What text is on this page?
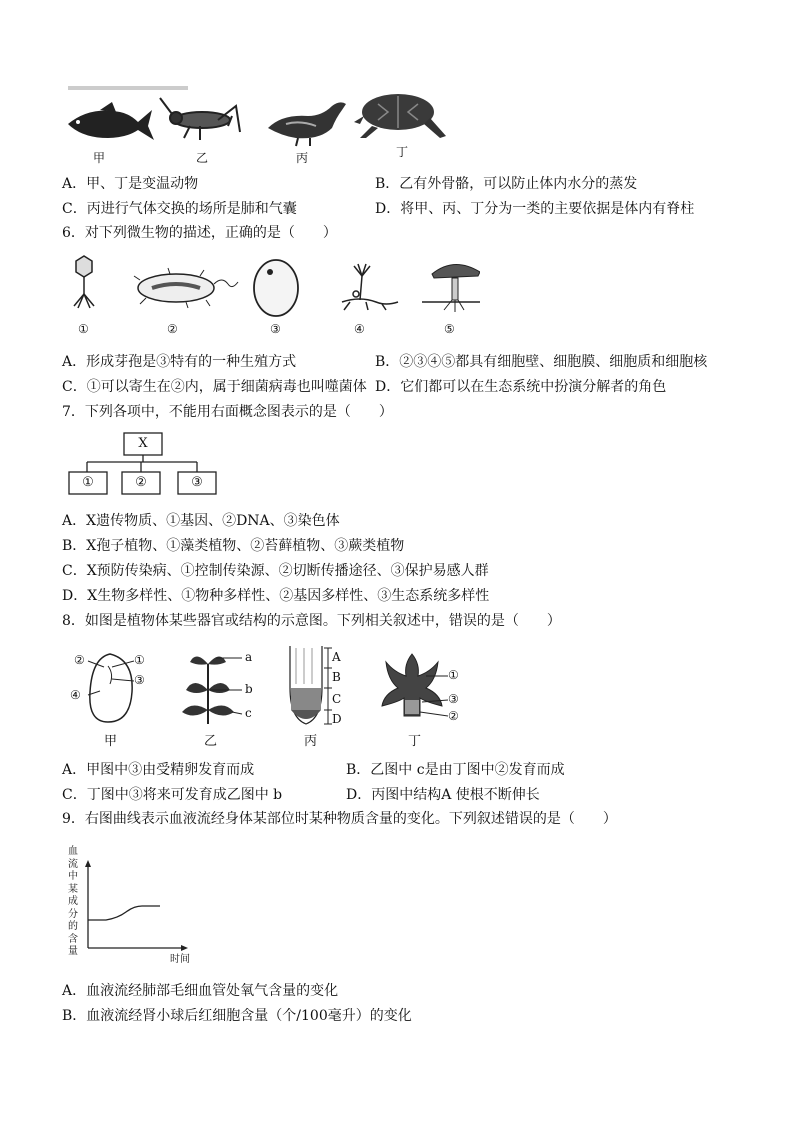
甲	乙	丙	丁
A．甲、丁是变温动物	B．乙有外骨骼，可以防止体内水分的蒸发
C．丙进行气体交换的场所是肺和气囊	D．将甲、丙、丁分为一类的主要依据是体内有脊柱
6．对下列微生物的描述，正确的是（　　）
①	②	③	④	⑤
A．形成芽孢是③特有的一种生殖方式	B．②③④⑤都具有细胞壁、细胞膜、细胞质和细胞核
C．①可以寄生在②内，属于细菌病毒也叫噬菌体 D．它们都可以在生态系统中扮演分解者的角色
7．下列各项中，不能用右面概念图表示的是（　　）
X
①	②	③
A．X遗传物质、①基因、②DNA、③染色体
B．X孢子植物、①藻类植物、②苔藓植物、③蕨类植物
C．X预防传染病、①控制传染源、②切断传播途径、③保护易感人群
D．X生物多样性、①物种多样性、②基因多样性、③生态系统多样性
8．如图是植物体某些器官或结构的示意图。下列相关叙述中，错误的是（　　）
②	①
③
④
甲
a
b
c
乙
A
B
C
D
丙
①
③
②
丁
A．甲图中③由受精卵发育而成	B．乙图中 c是由丁图中②发育而成
C．丁图中③将来可发育成乙图中 b	D．丙图中结构A 使根不断伸长
9．右图曲线表示血液流经身体某部位时某种物质含量的变化。下列叙述错误的是（　　）
血流中某成分的含量
时间
A．血液流经肺部毛细血管处氧气含量的变化
B．血液流经肾小球后红细胞含量（个/100毫升）的变化
